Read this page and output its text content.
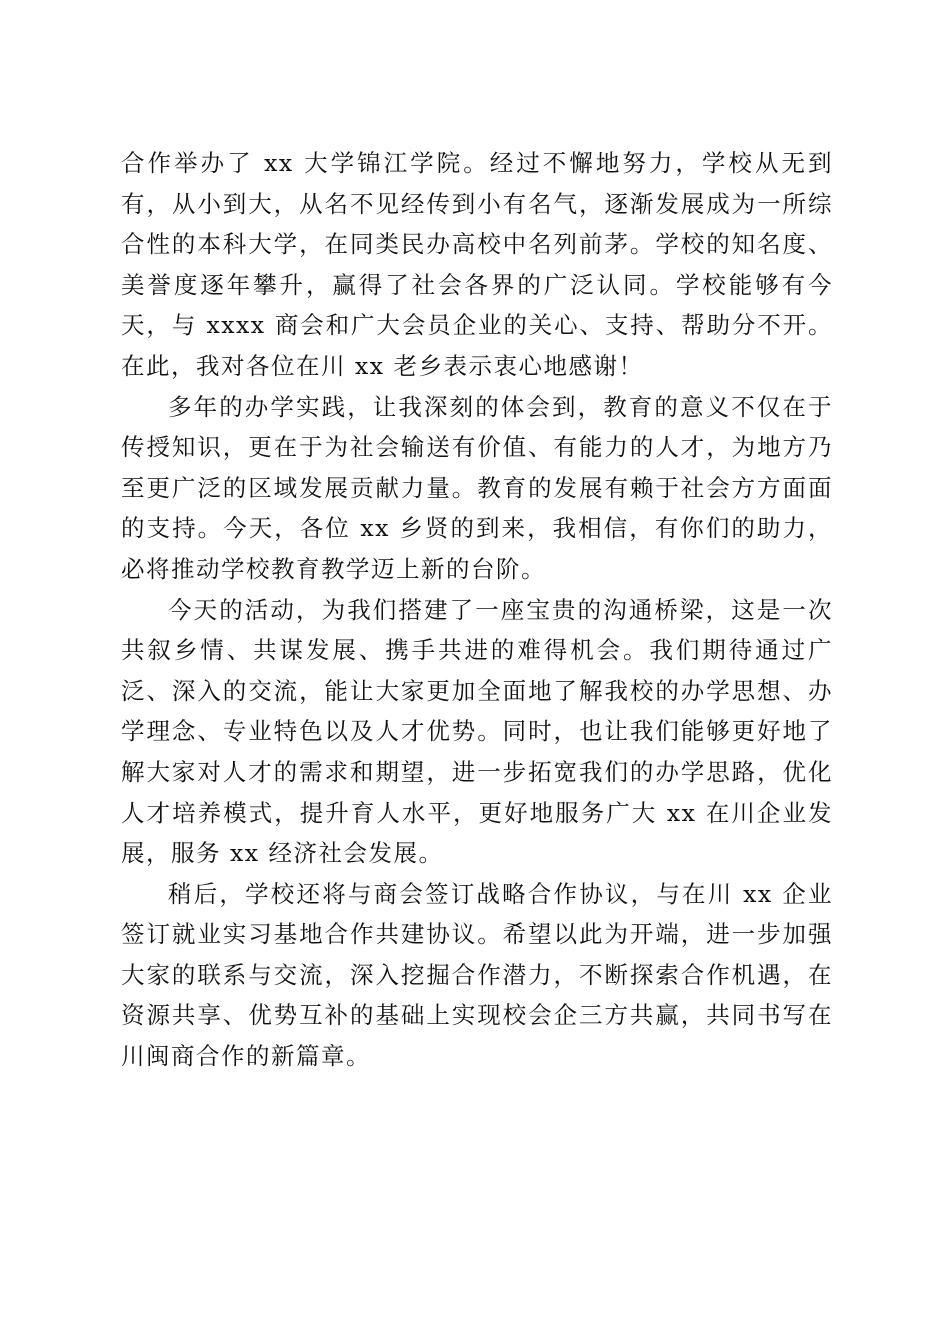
合作举办了 xx 大学锦江学院。经过不懈地努力，学校从无到有，从小到大，从名不见经传到小有名气，逐渐发展成为一所综合性的本科大学，在同类民办高校中名列前茅。学校的知名度、美誉度逐年攀升，赢得了社会各界的广泛认同。学校能够有今天，与 xxxx 商会和广大会员企业的关心、支持、帮助分不开。在此，我对各位在川 xx 老乡表示衷心地感谢！

多年的办学实践，让我深刻的体会到，教育的意义不仅在于传授知识，更在于为社会输送有价值、有能力的人才，为地方乃至更广泛的区域发展贡献力量。教育的发展有赖于社会方方面面的支持。今天，各位 xx 乡贤的到来，我相信，有你们的助力，必将推动学校教育教学迈上新的台阶。

今天的活动，为我们搭建了一座宝贵的沟通桥梁，这是一次共叙乡情、共谋发展、携手共进的难得机会。我们期待通过广泛、深入的交流，能让大家更加全面地了解我校的办学思想、办学理念、专业特色以及人才优势。同时，也让我们能够更好地了解大家对人才的需求和期望，进一步拓宽我们的办学思路，优化人才培养模式，提升育人水平，更好地服务广大 xx 在川企业发展，服务 xx 经济社会发展。

稍后，学校还将与商会签订战略合作协议，与在川 xx 企业签订就业实习基地合作共建协议。希望以此为开端，进一步加强大家的联系与交流，深入挖掘合作潜力，不断探索合作机遇，在资源共享、优势互补的基础上实现校会企三方共赢，共同书写在川闽商合作的新篇章。
